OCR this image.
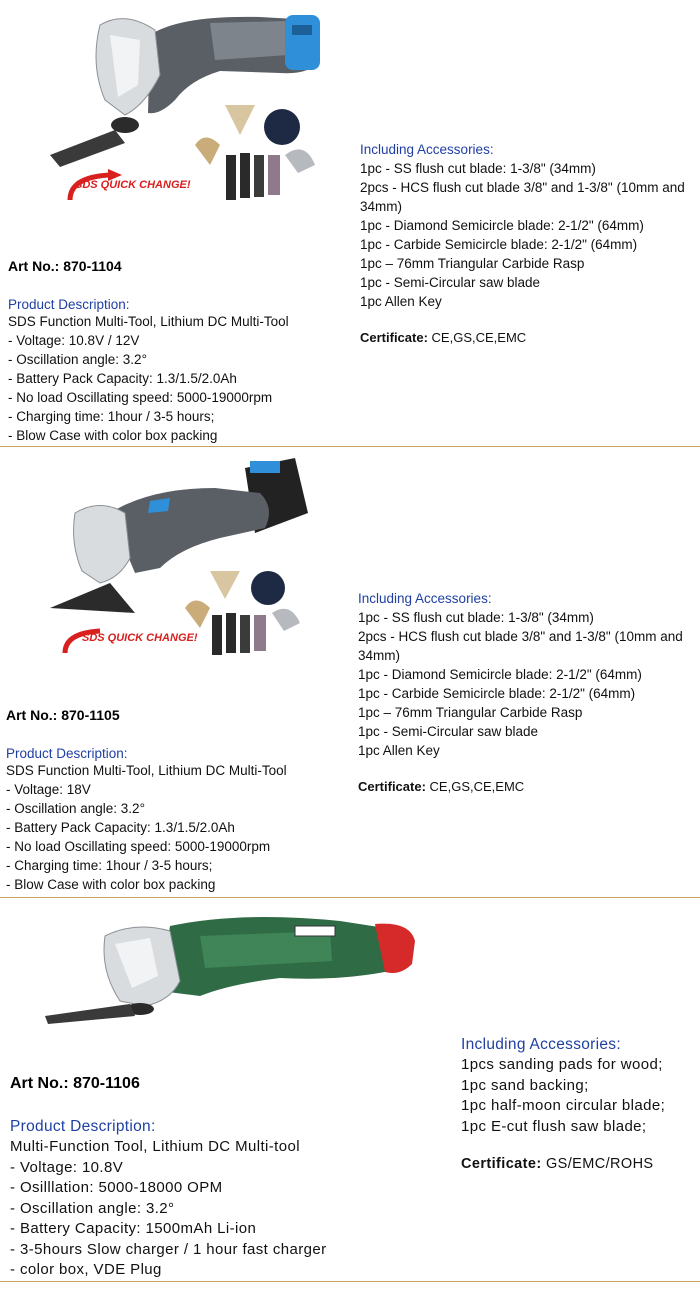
SDS QUICK CHANGE!
Art No.: 870-1104
Product Description:
SDS Function Multi-Tool, Lithium DC Multi-Tool
- Voltage: 10.8V / 12V
- Oscillation angle: 3.2°
- Battery Pack Capacity: 1.3/1.5/2.0Ah
- No load Oscillating speed: 5000-19000rpm
- Charging time: 1hour / 3-5 hours;
- Blow Case with color box packing
Including Accessories:
1pc - SS flush cut blade: 1-3/8" (34mm)
2pcs - HCS flush cut blade 3/8" and 1-3/8" (10mm and
34mm)
1pc - Diamond Semicircle blade: 2-1/2" (64mm)
1pc - Carbide Semicircle blade: 2-1/2" (64mm)
1pc – 76mm Triangular Carbide Rasp
1pc - Semi-Circular saw blade
1pc Allen Key
Certificate: CE,GS,CE,EMC
SDS QUICK CHANGE!
Art No.: 870-1105
Product Description:
SDS Function Multi-Tool, Lithium DC Multi-Tool
- Voltage: 18V
- Oscillation angle: 3.2°
- Battery Pack Capacity: 1.3/1.5/2.0Ah
- No load Oscillating speed: 5000-19000rpm
- Charging time: 1hour / 3-5 hours;
- Blow Case with color box packing
Including Accessories:
1pc - SS flush cut blade: 1-3/8" (34mm)
2pcs - HCS flush cut blade 3/8" and 1-3/8" (10mm and
34mm)
1pc - Diamond Semicircle blade: 2-1/2" (64mm)
1pc - Carbide Semicircle blade: 2-1/2" (64mm)
1pc – 76mm Triangular Carbide Rasp
1pc - Semi-Circular saw blade
1pc Allen Key
Certificate: CE,GS,CE,EMC
Art No.: 870-1106
Product Description:
Multi-Function Tool, Lithium DC Multi-tool
- Voltage: 10.8V
- Osilllation: 5000-18000 OPM
- Oscillation angle: 3.2°
- Battery Capacity: 1500mAh Li-ion
- 3-5hours Slow charger / 1 hour fast charger
- color box, VDE Plug
Including Accessories:
1pcs sanding pads for wood;
1pc sand backing;
1pc half-moon circular blade;
1pc E-cut flush saw blade;
Certificate: GS/EMC/ROHS
